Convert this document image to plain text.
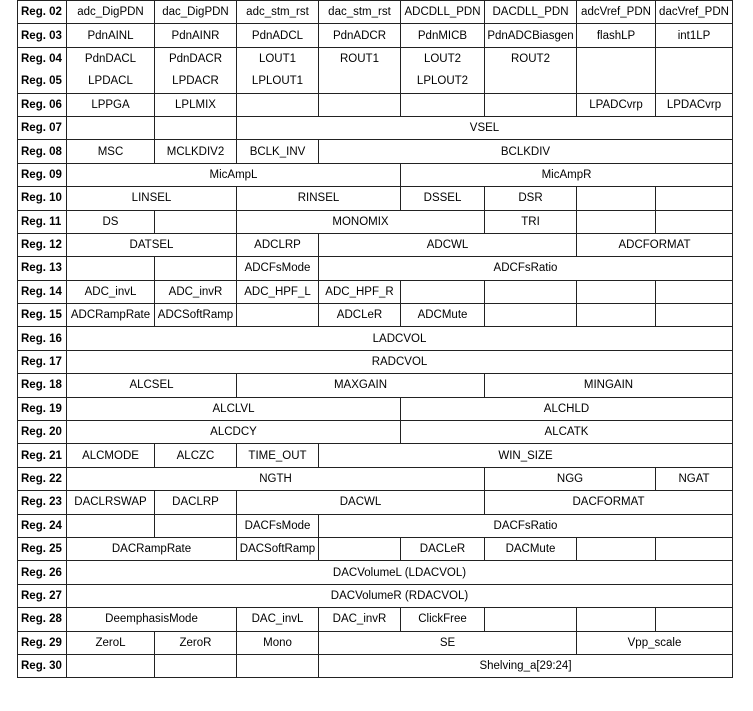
Reg. 02	adc_DigPDN	dac_DigPDN	adc_stm_rst	dac_stm_rst	ADCDLL_PDN	DACDLL_PDN	adcVref_PDN	dacVref_PDN
Reg. 03	PdnAINL	PdnAINR	PdnADCL	PdnADCR	PdnMICB	PdnADCBiasgen	flashLP	int1LP
Reg. 04	PdnDACL	PdnDACR	LOUT1	ROUT1	LOUT2	ROUT2		
Reg. 05	LPDACL	LPDACR	LPLOUT1		LPLOUT2			
Reg. 06	LPPGA	LPLMIX					LPADCvrp	LPDACvrp
Reg. 07			VSEL					
Reg. 08	MSC	MCLKDIV2	BCLK_INV	BCLKDIV				
Reg. 09	MicAmpL				MicAmpR			
Reg. 10	LINSEL		RINSEL		DSSEL	DSR		
Reg. 11	DS		MONOMIX			TRI		
Reg. 12	DATSEL		ADCLRP	ADCWL			ADCFORMAT	
Reg. 13			ADCFsMode	ADCFsRatio				
Reg. 14	ADC_invL	ADC_invR	ADC_HPF_L	ADC_HPF_R				
Reg. 15	ADCRampRate	ADCSoftRamp		ADCLeR	ADCMute			
Reg. 16	LADCVOL							
Reg. 17	RADCVOL							
Reg. 18	ALCSEL		MAXGAIN			MINGAIN		
Reg. 19	ALCLVL				ALCHLD			
Reg. 20	ALCDCY				ALCATK			
Reg. 21	ALCMODE	ALCZC	TIME_OUT	WIN_SIZE				
Reg. 22	NGTH					NGG		NGAT
Reg. 23	DACLRSWAP	DACLRP	DACWL			DACFORMAT		
Reg. 24			DACFsMode	DACFsRatio				
Reg. 25	DACRampRate		DACSoftRamp		DACLeR	DACMute		
Reg. 26	DACVolumeL (LDACVOL)							
Reg. 27	DACVolumeR (RDACVOL)							
Reg. 28	DeemphasisMode		DAC_invL	DAC_invR	ClickFree			
Reg. 29	ZeroL	ZeroR	Mono	SE			Vpp_scale	
Reg. 30				Shelving_a[29:24]				
